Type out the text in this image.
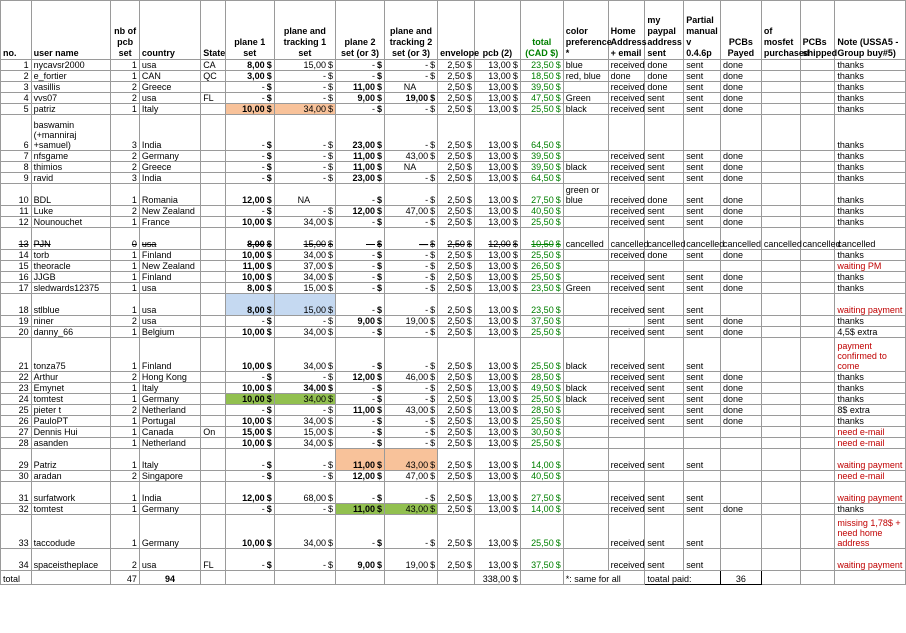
no.	user name	nb of pcb set	country	State	plane 1 set	plane and tracking 1 set	plane 2 set (or 3)	plane and tracking 2 set (or 3)	envelope	pcb (2)	total (CAD $)	color preference *	Home Address + email	my paypal address sent	Partial manual v 0.4.6p	PCBs Payed	of mosfet purchased	PCBs shipped	Note (USSA5 - Group buy#5)
1	nycavsr2000	1	usa	CA	8,00 $	15,00 $	- $	- $	2,50 $	13,00 $	23,50 $	blue	received	done	sent	done			thanks
2	e_fortier	1	CAN	QC	3,00 $	- $	- $	- $	2,50 $	13,00 $	18,50 $	red, blue	done	done	sent	done			thanks
3	vasillis	2	Greece		- $	- $	11,00 $	NA	2,50 $	13,00 $	39,50 $		received	done	sent	done			thanks
4	vvs07	2	usa	FL	- $	- $	9,00 $	19,00 $	2,50 $	13,00 $	47,50 $	Green	received	sent	sent	done			thanks
5	patriz	1	Italy		10,00 $	34,00 $	- $	- $	2,50 $	13,00 $	25,50 $	black	received	sent	sent	done			thanks
6	baswamin (+manniraj +samuel)	3	India		- $	- $	23,00 $	- $	2,50 $	13,00 $	64,50 $								thanks
7	nfsgame	2	Germany		- $	- $	11,00 $	43,00 $	2,50 $	13,00 $	39,50 $		received	sent	sent	done			thanks
8	thimios	2	Greece		- $	- $	11,00 $	NA	2,50 $	13,00 $	39,50 $	black	received	sent	sent	done			thanks
9	ravid	3	India		- $	- $	23,00 $	- $	2,50 $	13,00 $	64,50 $		received	sent	sent	done			thanks
10	BDL	1	Romania		12,00 $	NA	- $	- $	2,50 $	13,00 $	27,50 $	green or blue	received	done	sent	done			thanks
11	Luke	2	New Zealand		- $	- $	12,00 $	47,00 $	2,50 $	13,00 $	40,50 $		received	sent	sent	done			thanks
12	Nounouchet	1	France		10,00 $	34,00 $	- $	- $	2,50 $	13,00 $	25,50 $		received	sent	sent	done			thanks
13	PJN	0	usa		8,00 $	15,00 $	— $	— $	2,50 $	12,00 $	10,50 $	cancelled	cancelled	cancelled	cancelled	cancelled	cancelled	cancelled	cancelled
14	torb	1	Finland		10,00 $	34,00 $	- $	- $	2,50 $	13,00 $	25,50 $		received	done	sent	done			thanks
15	theoracle	1	New Zealand		11,00 $	37,00 $	- $	- $	2,50 $	13,00 $	26,50 $								waiting PM
16	JJGB	1	Finland		10,00 $	34,00 $	- $	- $	2,50 $	13,00 $	25,50 $		received	sent	sent	done			thanks
17	sledwards12375	1	usa		8,00 $	15,00 $	- $	- $	2,50 $	13,00 $	23,50 $	Green	received	sent	sent	done			thanks
18	stlblue	1	usa		8,00 $	15,00 $	- $	- $	2,50 $	13,00 $	23,50 $		received	sent	sent				waiting payment
19	niner	2	usa		- $	- $	9,00 $	19,00 $	2,50 $	13,00 $	37,50 $			sent	sent	done			thanks
20	danny_66	1	Belgium		10,00 $	34,00 $	- $	- $	2,50 $	13,00 $	25,50 $		received	sent	sent	done			4,5$ extra
21	tonza75	1	Finland		10,00 $	34,00 $	- $	- $	2,50 $	13,00 $	25,50 $	black	received	sent	sent				payment confirmed to come
22	Arthur	2	Hong Kong		- $	- $	12,00 $	46,00 $	2,50 $	13,00 $	28,50 $		received	sent	sent	done			thanks
23	Emynet	1	Italy		10,00 $	34,00 $	- $	- $	2,50 $	13,00 $	49,50 $	black	received	sent	sent	done			thanks
24	tomtest	1	Germany		10,00 $	34,00 $	- $	- $	2,50 $	13,00 $	25,50 $	black	received	sent	sent	done			thanks
25	pieter t	2	Netherland		- $	- $	11,00 $	43,00 $	2,50 $	13,00 $	28,50 $		received	sent	sent	done			8$ extra
26	PauloPT	1	Portugal		10,00 $	34,00 $	- $	- $	2,50 $	13,00 $	25,50 $		received	sent	sent	done			thanks
27	Dennis Hui	1	Canada	On	15,00 $	15,00 $	- $	- $	2,50 $	13,00 $	30,50 $								need e-mail
28	asanden	1	Netherland		10,00 $	34,00 $	- $	- $	2,50 $	13,00 $	25,50 $								need e-mail
29	Patriz	1	Italy		- $	- $	11,00 $	43,00 $	2,50 $	13,00 $	14,00 $		received	sent	sent				waiting payment
30	aradan	2	Singapore		- $	- $	12,00 $	47,00 $	2,50 $	13,00 $	40,50 $								need e-mail
31	surfatwork	1	India		12,00 $	68,00 $	- $	- $	2,50 $	13,00 $	27,50 $		received	sent	sent				waiting payment
32	tomtest	1	Germany		- $	- $	11,00 $	43,00 $	2,50 $	13,00 $	14,00 $		received	sent	sent	done			thanks
33	taccodude	1	Germany		10,00 $	34,00 $	- $	- $	2,50 $	13,00 $	25,50 $		received	sent	sent				missing 1,78$ + need home address
34	spaceistheplace	2	usa	FL	- $	- $	9,00 $	19,00 $	2,50 $	13,00 $	37,50 $		received	sent	sent				waiting payment
total		47	94							338,00 $		*: same for all		toatal paid:		36			
